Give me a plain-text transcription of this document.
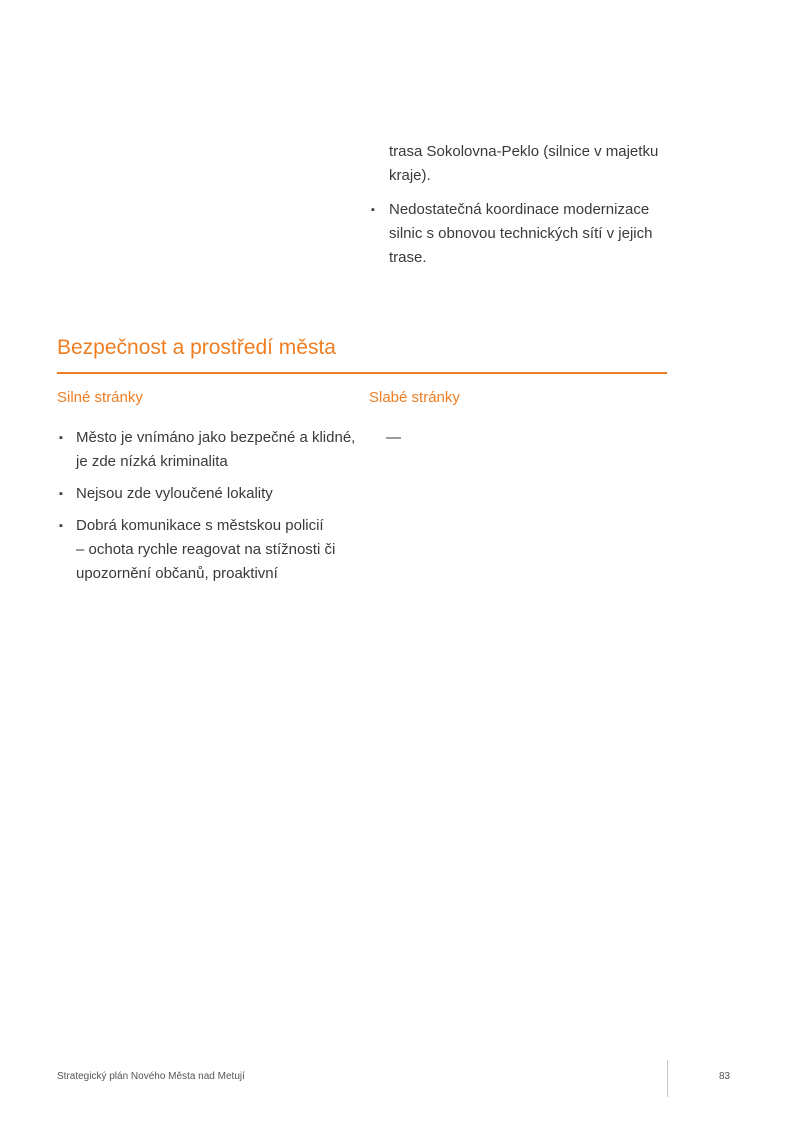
trasa Sokolovna-Peklo (silnice v majetku
kraje).
▪ Nedostatečná koordinace modernizace
silnic s obnovou technických sítí v jejich
trase.
Bezpečnost a prostředí města
Silné stránky	Slabé stránky
▪ Město je vnímáno jako bezpečné a klidné,
je zde nízká kriminalita
▪ Nejsou zde vyloučené lokality
▪ Dobrá komunikace s městskou policií
– ochota rychle reagovat na stížnosti či
upozornění občanů, proaktivní
—
Strategický plán Nového Města nad Metují	83
